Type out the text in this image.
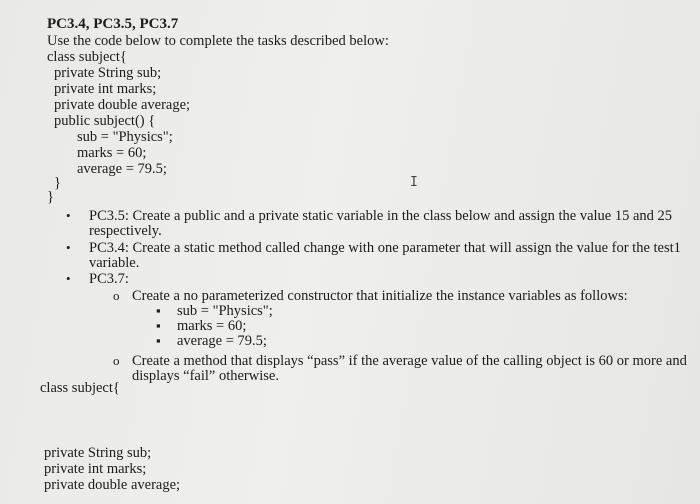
PC3.4, PC3.5, PC3.7
Use the code below to complete the tasks described below:
class subject{
private String sub;
private int marks;
private double average;
public subject() {
sub = "Physics";
marks = 60;
average = 79.5;
}
}
I
• PC3.5: Create a public and a private static variable in the class below and assign the value 15 and 25
respectively.
• PC3.4: Create a static method called change with one parameter that will assign the value for the test1
variable.
• PC3.7:
o Create a no parameterized constructor that initialize the instance variables as follows:
▪ sub = "Physics";
▪ marks = 60;
▪ average = 79.5;
o Create a method that displays “pass” if the average value of the calling object is 60 or more and
displays “fail” otherwise.
class subject{
private String sub;
private int marks;
private double average;
